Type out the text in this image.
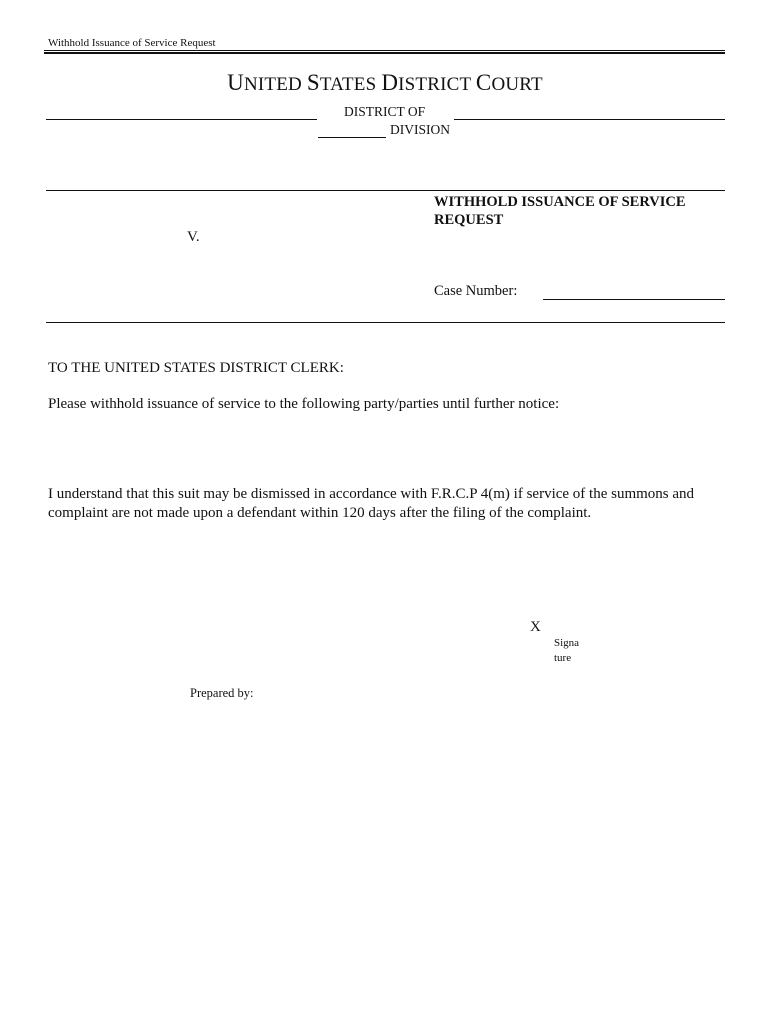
Withhold Issuance of Service Request
UNITED STATES DISTRICT COURT
DISTRICT OF
DIVISION
WITHHOLD ISSUANCE OF SERVICE REQUEST
V.
Case Number:
TO THE UNITED STATES DISTRICT CLERK:
Please withhold issuance of service to the following party/parties until further notice:
I understand that this suit may be dismissed in accordance with F.R.C.P 4(m) if service of the summons and complaint are not made upon a defendant within 120 days after the filing of the complaint.
X
Signature
Prepared by:
